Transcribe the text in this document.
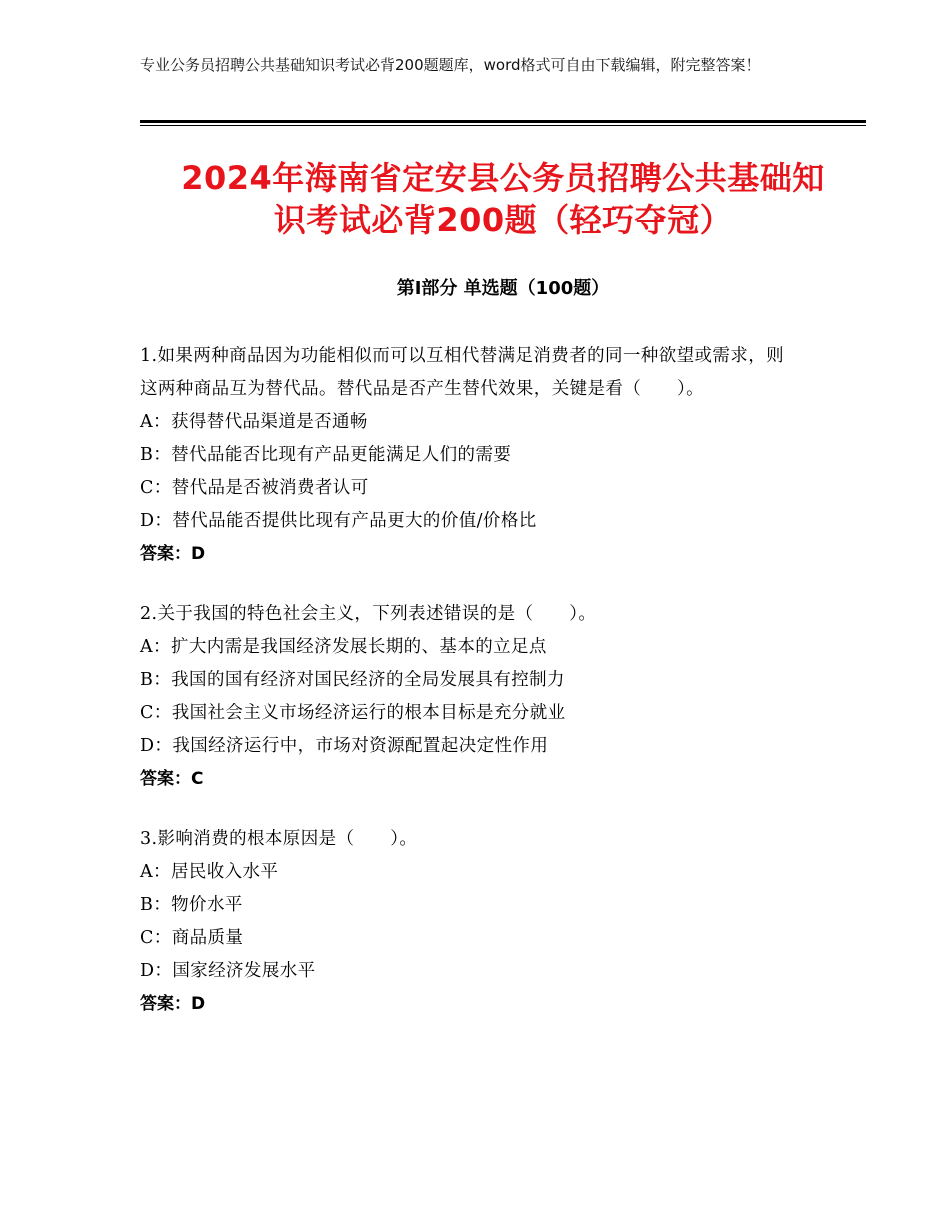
专业公务员招聘公共基础知识考试必背200题题库，word格式可自由下载编辑，附完整答案！
2024年海南省定安县公务员招聘公共基础知
识考试必背200题（轻巧夺冠）
第Ⅰ部分 单选题（100题）

1.如果两种商品因为功能相似而可以互相代替满足消费者的同一种欲望或需求，则这两种商品互为替代品。替代品是否产生替代效果，关键是看（　　）。

A：获得替代品渠道是否通畅

B：替代品能否比现有产品更能满足人们的需要

C：替代品是否被消费者认可

D：替代品能否提供比现有产品更大的价值/价格比

答案：D

2.关于我国的特色社会主义，下列表述错误的是（　　）。

A：扩大内需是我国经济发展长期的、基本的立足点

B：我国的国有经济对国民经济的全局发展具有控制力

C：我国社会主义市场经济运行的根本目标是充分就业

D：我国经济运行中，市场对资源配置起决定性作用

答案：C

3.影响消费的根本原因是（　　）。

A：居民收入水平

B：物价水平

C：商品质量

D：国家经济发展水平

答案：D
